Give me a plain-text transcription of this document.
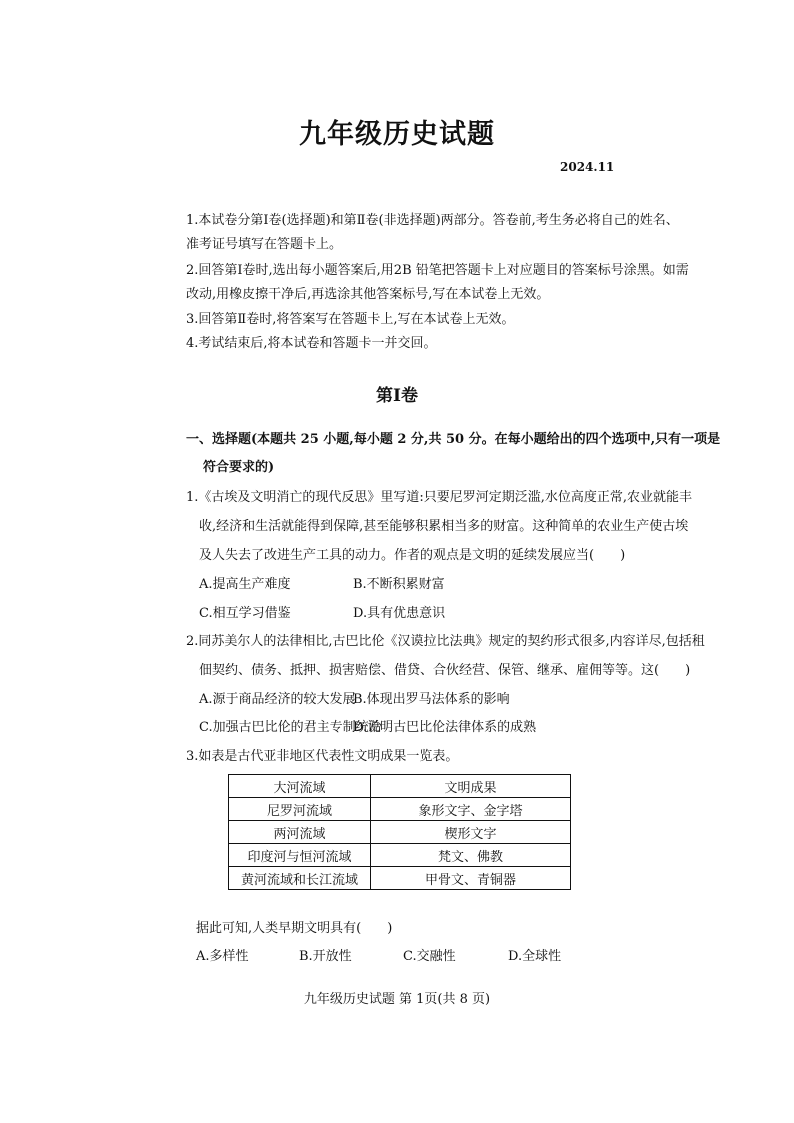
九年级历史试题
2024.11
1.本试卷分第Ⅰ卷(选择题)和第Ⅱ卷(非选择题)两部分。答卷前,考生务必将自己的姓名、
准考证号填写在答题卡上。
2.回答第Ⅰ卷时,选出每小题答案后,用2B 铅笔把答题卡上对应题目的答案标号涂黑。如需
改动,用橡皮擦干净后,再选涂其他答案标号,写在本试卷上无效。
3.回答第Ⅱ卷时,将答案写在答题卡上,写在本试卷上无效。
4.考试结束后,将本试卷和答题卡一并交回。
第Ⅰ卷
一、选择题(本题共 25 小题,每小题 2 分,共 50 分。在每小题给出的四个选项中,只有一项是
符合要求的)
1.《古埃及文明消亡的现代反思》里写道:只要尼罗河定期泛滥,水位高度正常,农业就能丰
收,经济和生活就能得到保障,甚至能够积累相当多的财富。这种简单的农业生产使古埃
及人失去了改进生产工具的动力。作者的观点是文明的延续发展应当(　　)
A.提高生产难度	B.不断积累财富
C.相互学习借鉴	D.具有优患意识
2.同苏美尔人的法律相比,古巴比伦《汉谟拉比法典》规定的契约形式很多,内容详尽,包括租
佃契约、债务、抵押、损害赔偿、借贷、合伙经营、保管、继承、雇佣等等。这(　　)
A.源于商品经济的较大发展
B.体现出罗马法体系的影响
C.加强古巴比伦的君主专制统治
D.说明古巴比伦法律体系的成熟
3.如表是古代亚非地区代表性文明成果一览表。
大河流域	文明成果
尼罗河流域	象形文字、金字塔
两河流域	楔形文字
印度河与恒河流域	梵文、佛教
黄河流域和长江流域	甲骨文、青铜器
据此可知,人类早期文明具有(　　)
A.多样性	B.开放性	C.交融性	D.全球性
九年级历史试题 第 1页(共 8 页)
